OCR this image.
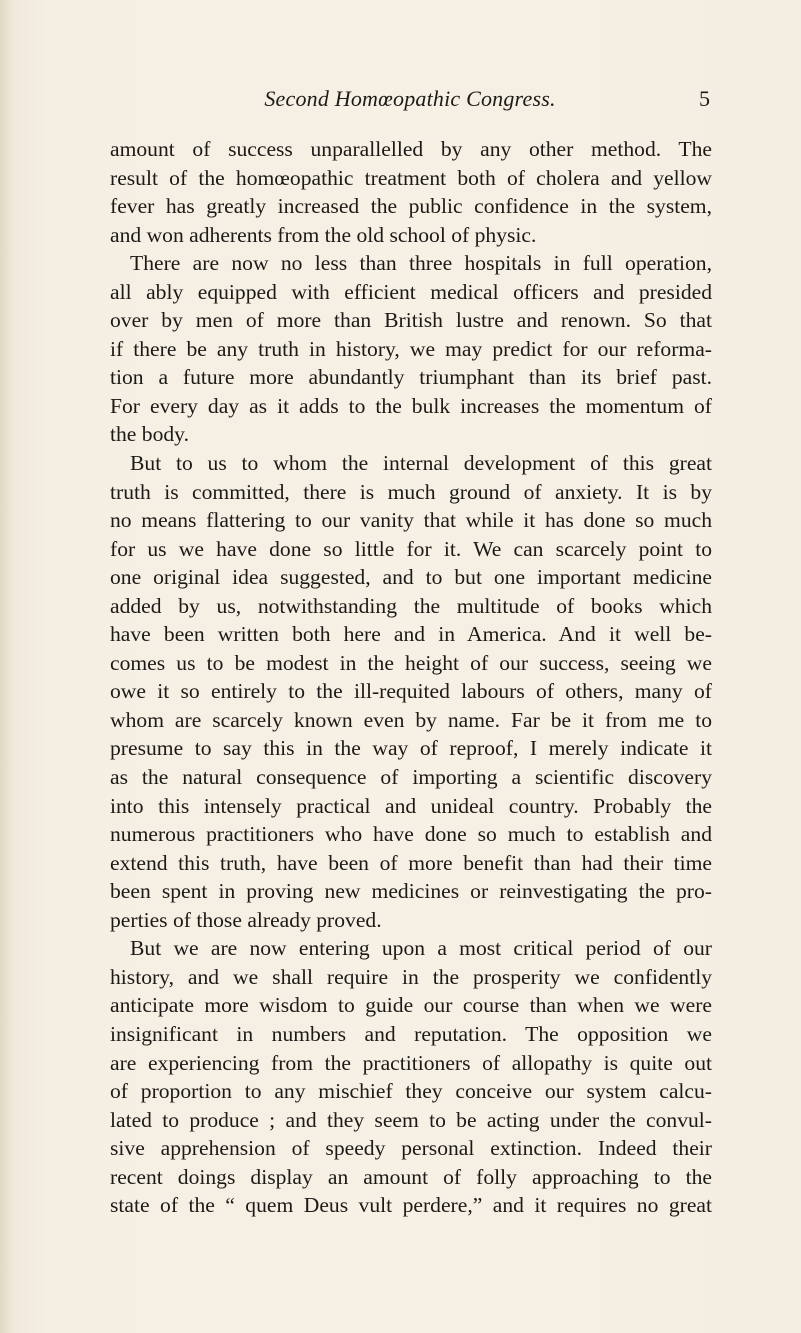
Second Homœopathic Congress.	5
amount of success unparallelled by any other method. The
result of the homœopathic treatment both of cholera and yellow
fever has greatly increased the public confidence in the system,
and won adherents from the old school of physic.
There are now no less than three hospitals in full operation,
all ably equipped with efficient medical officers and presided
over by men of more than British lustre and renown. So that
if there be any truth in history, we may predict for our reforma-
tion a future more abundantly triumphant than its brief past.
For every day as it adds to the bulk increases the momentum of
the body.
But to us to whom the internal development of this great
truth is committed, there is much ground of anxiety. It is by
no means flattering to our vanity that while it has done so much
for us we have done so little for it. We can scarcely point to
one original idea suggested, and to but one important medicine
added by us, notwithstanding the multitude of books which
have been written both here and in America. And it well be-
comes us to be modest in the height of our success, seeing we
owe it so entirely to the ill-requited labours of others, many of
whom are scarcely known even by name. Far be it from me to
presume to say this in the way of reproof, I merely indicate it
as the natural consequence of importing a scientific discovery
into this intensely practical and unideal country. Probably the
numerous practitioners who have done so much to establish and
extend this truth, have been of more benefit than had their time
been spent in proving new medicines or reinvestigating the pro-
perties of those already proved.
But we are now entering upon a most critical period of our
history, and we shall require in the prosperity we confidently
anticipate more wisdom to guide our course than when we were
insignificant in numbers and reputation. The opposition we
are experiencing from the practitioners of allopathy is quite out
of proportion to any mischief they conceive our system calcu-
lated to produce ; and they seem to be acting under the convul-
sive apprehension of speedy personal extinction. Indeed their
recent doings display an amount of folly approaching to the
state of the “ quem Deus vult perdere,” and it requires no great
